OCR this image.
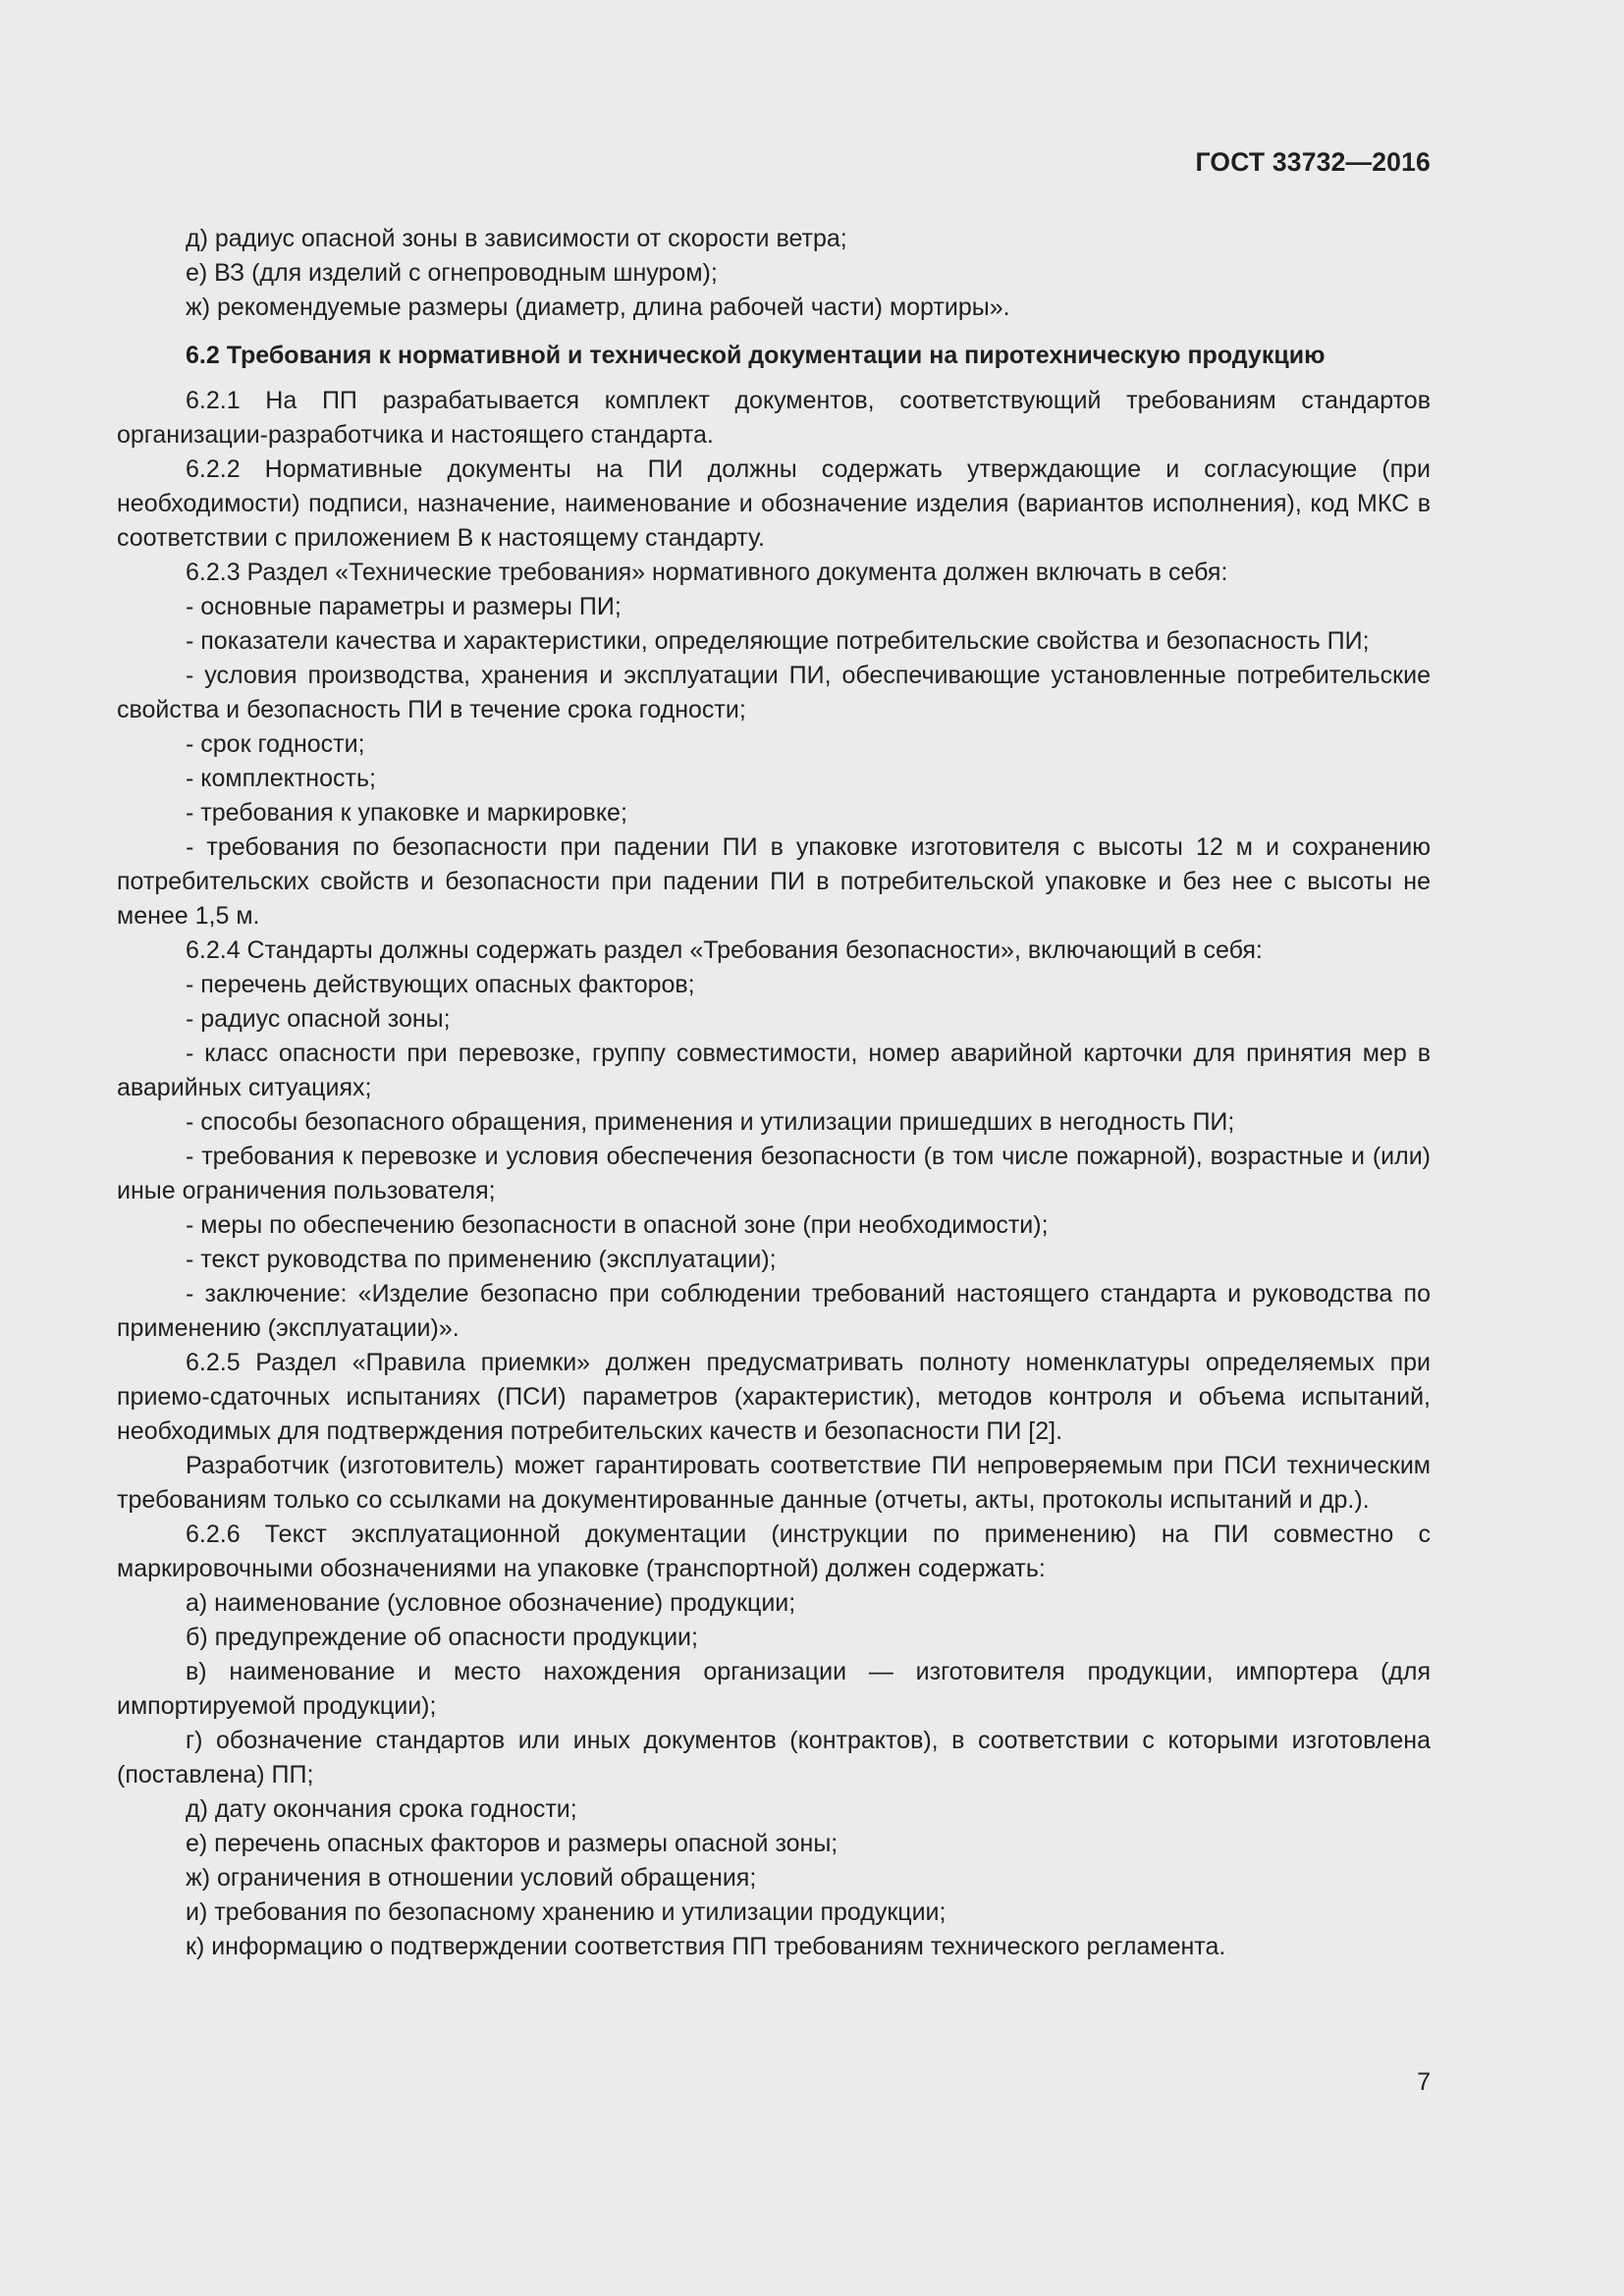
ГОСТ 33732—2016

д) радиус опасной зоны в зависимости от скорости ветра;

е) ВЗ (для изделий с огнепроводным шнуром);

ж) рекомендуемые размеры (диаметр, длина рабочей части) мортиры».

6.2 Требования к нормативной и технической документации на пиротехническую продукцию

6.2.1 На ПП разрабатывается комплект документов, соответствующий требованиям стандартов организации-разработчика и настоящего стандарта.

6.2.2 Нормативные документы на ПИ должны содержать утверждающие и согласующие (при необходимости) подписи, назначение, наименование и обозначение изделия (вариантов исполнения), код МКС в соответствии с приложением В к настоящему стандарту.

6.2.3 Раздел «Технические требования» нормативного документа должен включать в себя:

- основные параметры и размеры ПИ;

- показатели качества и характеристики, определяющие потребительские свойства и безопасность ПИ;

- условия производства, хранения и эксплуатации ПИ, обеспечивающие установленные потребительские свойства и безопасность ПИ в течение срока годности;

- срок годности;

- комплектность;

- требования к упаковке и маркировке;

- требования по безопасности при падении ПИ в упаковке изготовителя с высоты 12 м и сохранению потребительских свойств и безопасности при падении ПИ в потребительской упаковке и без нее с высоты не менее 1,5 м.

6.2.4 Стандарты должны содержать раздел «Требования безопасности», включающий в себя:

- перечень действующих опасных факторов;

- радиус опасной зоны;

- класс опасности при перевозке, группу совместимости, номер аварийной карточки для принятия мер в аварийных ситуациях;

- способы безопасного обращения, применения и утилизации пришедших в негодность ПИ;

- требования к перевозке и условия обеспечения безопасности (в том числе пожарной), возрастные и (или) иные ограничения пользователя;

- меры по обеспечению безопасности в опасной зоне (при необходимости);

- текст руководства по применению (эксплуатации);

- заключение: «Изделие безопасно при соблюдении требований настоящего стандарта и руководства по применению (эксплуатации)».

6.2.5 Раздел «Правила приемки» должен предусматривать полноту номенклатуры определяемых при приемо-сдаточных испытаниях (ПСИ) параметров (характеристик), методов контроля и объема испытаний, необходимых для подтверждения потребительских качеств и безопасности ПИ [2].

Разработчик (изготовитель) может гарантировать соответствие ПИ непроверяемым при ПСИ техническим требованиям только со ссылками на документированные данные (отчеты, акты, протоколы испытаний и др.).

6.2.6 Текст эксплуатационной документации (инструкции по применению) на ПИ совместно с маркировочными обозначениями на упаковке (транспортной) должен содержать:

а) наименование (условное обозначение) продукции;

б) предупреждение об опасности продукции;

в) наименование и место нахождения организации — изготовителя продукции, импортера (для импортируемой продукции);

г) обозначение стандартов или иных документов (контрактов), в соответствии с которыми изготовлена (поставлена) ПП;

д) дату окончания срока годности;

е) перечень опасных факторов и размеры опасной зоны;

ж) ограничения в отношении условий обращения;

и) требования по безопасному хранению и утилизации продукции;

к) информацию о подтверждении соответствия ПП требованиям технического регламента.

7
